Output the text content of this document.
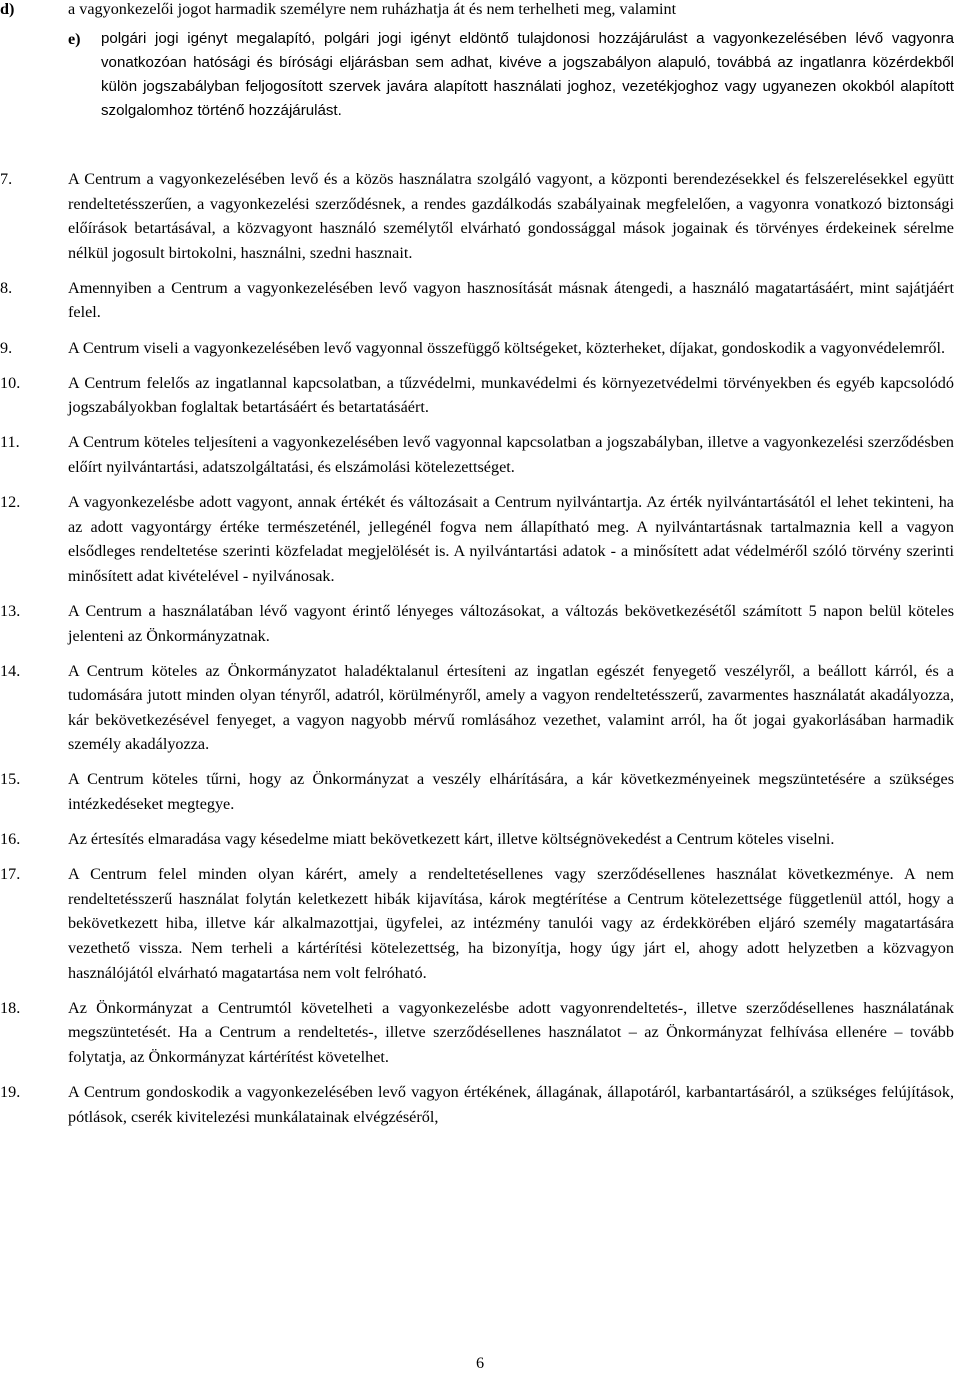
d)	a vagyonkezelői jogot harmadik személyre nem ruházhatja át és nem terhelheti meg, valamint
e)	polgári jogi igényt megalapító, polgári jogi igényt eldöntő tulajdonosi hozzájárulást a vagyonkezelésében lévő vagyonra vonatkozóan hatósági és bírósági eljárásban sem adhat, kivéve a jogszabályon alapuló, továbbá az ingatlanra közérdekből külön jogszabályban feljogosított szervek javára alapított használati joghoz, vezetékjoghoz vagy ugyanezen okokból alapított szolgalomhoz történő hozzájárulást.
7.	A Centrum a vagyonkezelésében levő és a közös használatra szolgáló vagyont, a központi berendezésekkel és felszerelésekkel együtt rendeltetésszerűen, a vagyonkezelési szerződésnek, a rendes gazdálkodás szabályainak megfelelően, a vagyonra vonatkozó biztonsági előírások betartásával, a közvagyont használó személytől elvárható gondossággal mások jogainak és törvényes érdekeinek sérelme nélkül jogosult birtokolni, használni, szedni hasznait.
8.	Amennyiben a Centrum a vagyonkezelésében levő vagyon hasznosítását másnak átengedi, a használó magatartásáért, mint sajátjáért felel.
9.	A Centrum viseli a vagyonkezelésében levő vagyonnal összefüggő költségeket, közterheket, díjakat, gondoskodik a vagyonvédelemről.
10.	A Centrum felelős az ingatlannal kapcsolatban, a tűzvédelmi, munkavédelmi és környezetvédelmi törvényekben és egyéb kapcsolódó jogszabályokban foglaltak betartásáért és betartatásáért.
11.	A Centrum köteles teljesíteni a vagyonkezelésében levő vagyonnal kapcsolatban a jogszabályban, illetve a vagyonkezelési szerződésben előírt nyilvántartási, adatszolgáltatási, és elszámolási kötelezettséget.
12.	A vagyonkezelésbe adott vagyont, annak értékét és változásait a Centrum nyilvántartja. Az érték nyilvántartásától el lehet tekinteni, ha az adott vagyontárgy értéke természeténél, jellegénél fogva nem állapítható meg. A nyilvántartásnak tartalmaznia kell a vagyon elsődleges rendeltetése szerinti közfeladat megjelölését is. A nyilvántartási adatok - a minősített adat védelméről szóló törvény szerinti minősített adat kivételével - nyilvánosak.
13.	A Centrum a használatában lévő vagyont érintő lényeges változásokat, a változás bekövetkezésétől számított 5 napon belül köteles jelenteni az Önkormányzatnak.
14.	A Centrum köteles az Önkormányzatot haladéktalanul értesíteni az ingatlan egészét fenyegető veszélyről, a beállott kárról, és a tudomására jutott minden olyan tényről, adatról, körülményről, amely a vagyon rendeltetésszerű, zavarmentes használatát akadályozza, kár bekövetkezésével fenyeget, a vagyon nagyobb mérvű romlásához vezethet, valamint arról, ha őt jogai gyakorlásában harmadik személy akadályozza.
15.	A Centrum köteles tűrni, hogy az Önkormányzat a veszély elhárítására, a kár következményeinek megszüntetésére a szükséges intézkedéseket megtegye.
16.	Az értesítés elmaradása vagy késedelme miatt bekövetkezett kárt, illetve költségnövekedést a Centrum köteles viselni.
17.	A Centrum felel minden olyan kárért, amely a rendeltetésellenes vagy szerződésellenes használat következménye. A nem rendeltetésszerű használat folytán keletkezett hibák kijavítása, károk megtérítése a Centrum kötelezettsége függetlenül attól, hogy a bekövetkezett hiba, illetve kár alkalmazottjai, ügyfelei, az intézmény tanulói vagy az érdekkörében eljáró személy magatartására vezethető vissza. Nem terheli a kártérítési kötelezettség, ha bizonyítja, hogy úgy járt el, ahogy adott helyzetben a közvagyon használójától elvárható magatartása nem volt felróható.
18.	Az Önkormányzat a Centrumtól követelheti a vagyonkezelésbe adott vagyonrendeltetés-, illetve szerződésellenes használatának megszüntetését. Ha a Centrum a rendeltetés-, illetve szerződésellenes használatot – az Önkormányzat felhívása ellenére – tovább folytatja, az Önkormányzat kártérítést követelhet.
19.	A Centrum gondoskodik a vagyonkezelésében levő vagyon értékének, állagának, állapotáról, karbantartásáról, a szükséges felújítások, pótlások, cserék kivitelezési munkálatainak elvégzéséről,
6
